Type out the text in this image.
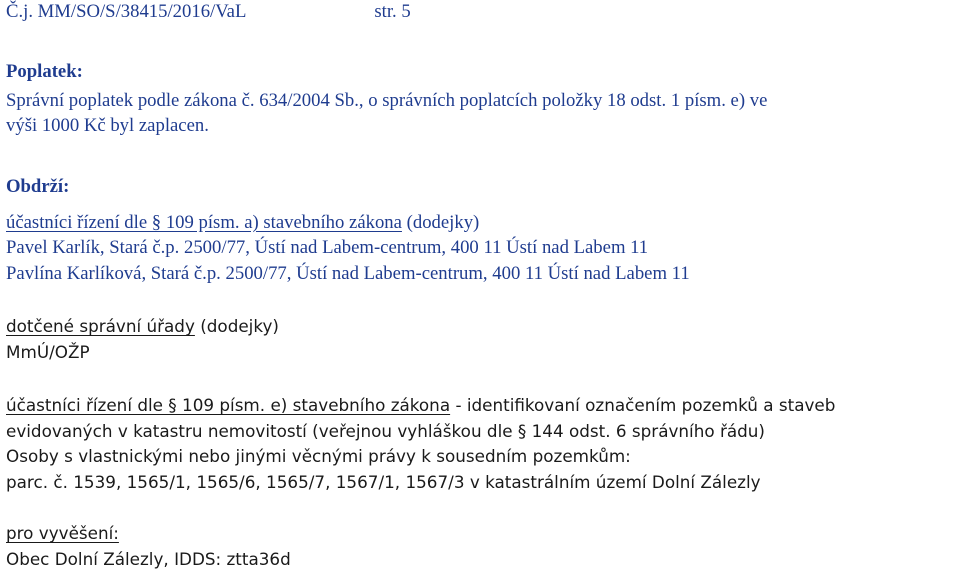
Č.j. MM/SO/S/38415/2016/VaL	str. 5
Poplatek:
Správní poplatek podle zákona č. 634/2004 Sb., o správních poplatcích položky 18 odst. 1 písm. e) ve
výši 1000 Kč byl zaplacen.
Obdrží:
účastníci řízení dle § 109 písm. a) stavebního zákona (dodejky)
Pavel Karlík, Stará č.p. 2500/77, Ústí nad Labem-centrum, 400 11 Ústí nad Labem 11
Pavlína Karlíková, Stará č.p. 2500/77, Ústí nad Labem-centrum, 400 11 Ústí nad Labem 11
dotčené správní úřady (dodejky)
MmÚ/OŽP
účastníci řízení dle § 109 písm. e) stavebního zákona - identifikovaní označením pozemků a staveb
evidovaných v katastru nemovitostí (veřejnou vyhláškou dle § 144 odst. 6 správního řádu)
Osoby s vlastnickými nebo jinými věcnými právy k sousedním pozemkům:
parc. č. 1539, 1565/1, 1565/6, 1565/7, 1567/1, 1567/3 v katastrálním území Dolní Zálezly
pro vyvěšení:
Obec Dolní Zálezly, IDDS: ztta36d
